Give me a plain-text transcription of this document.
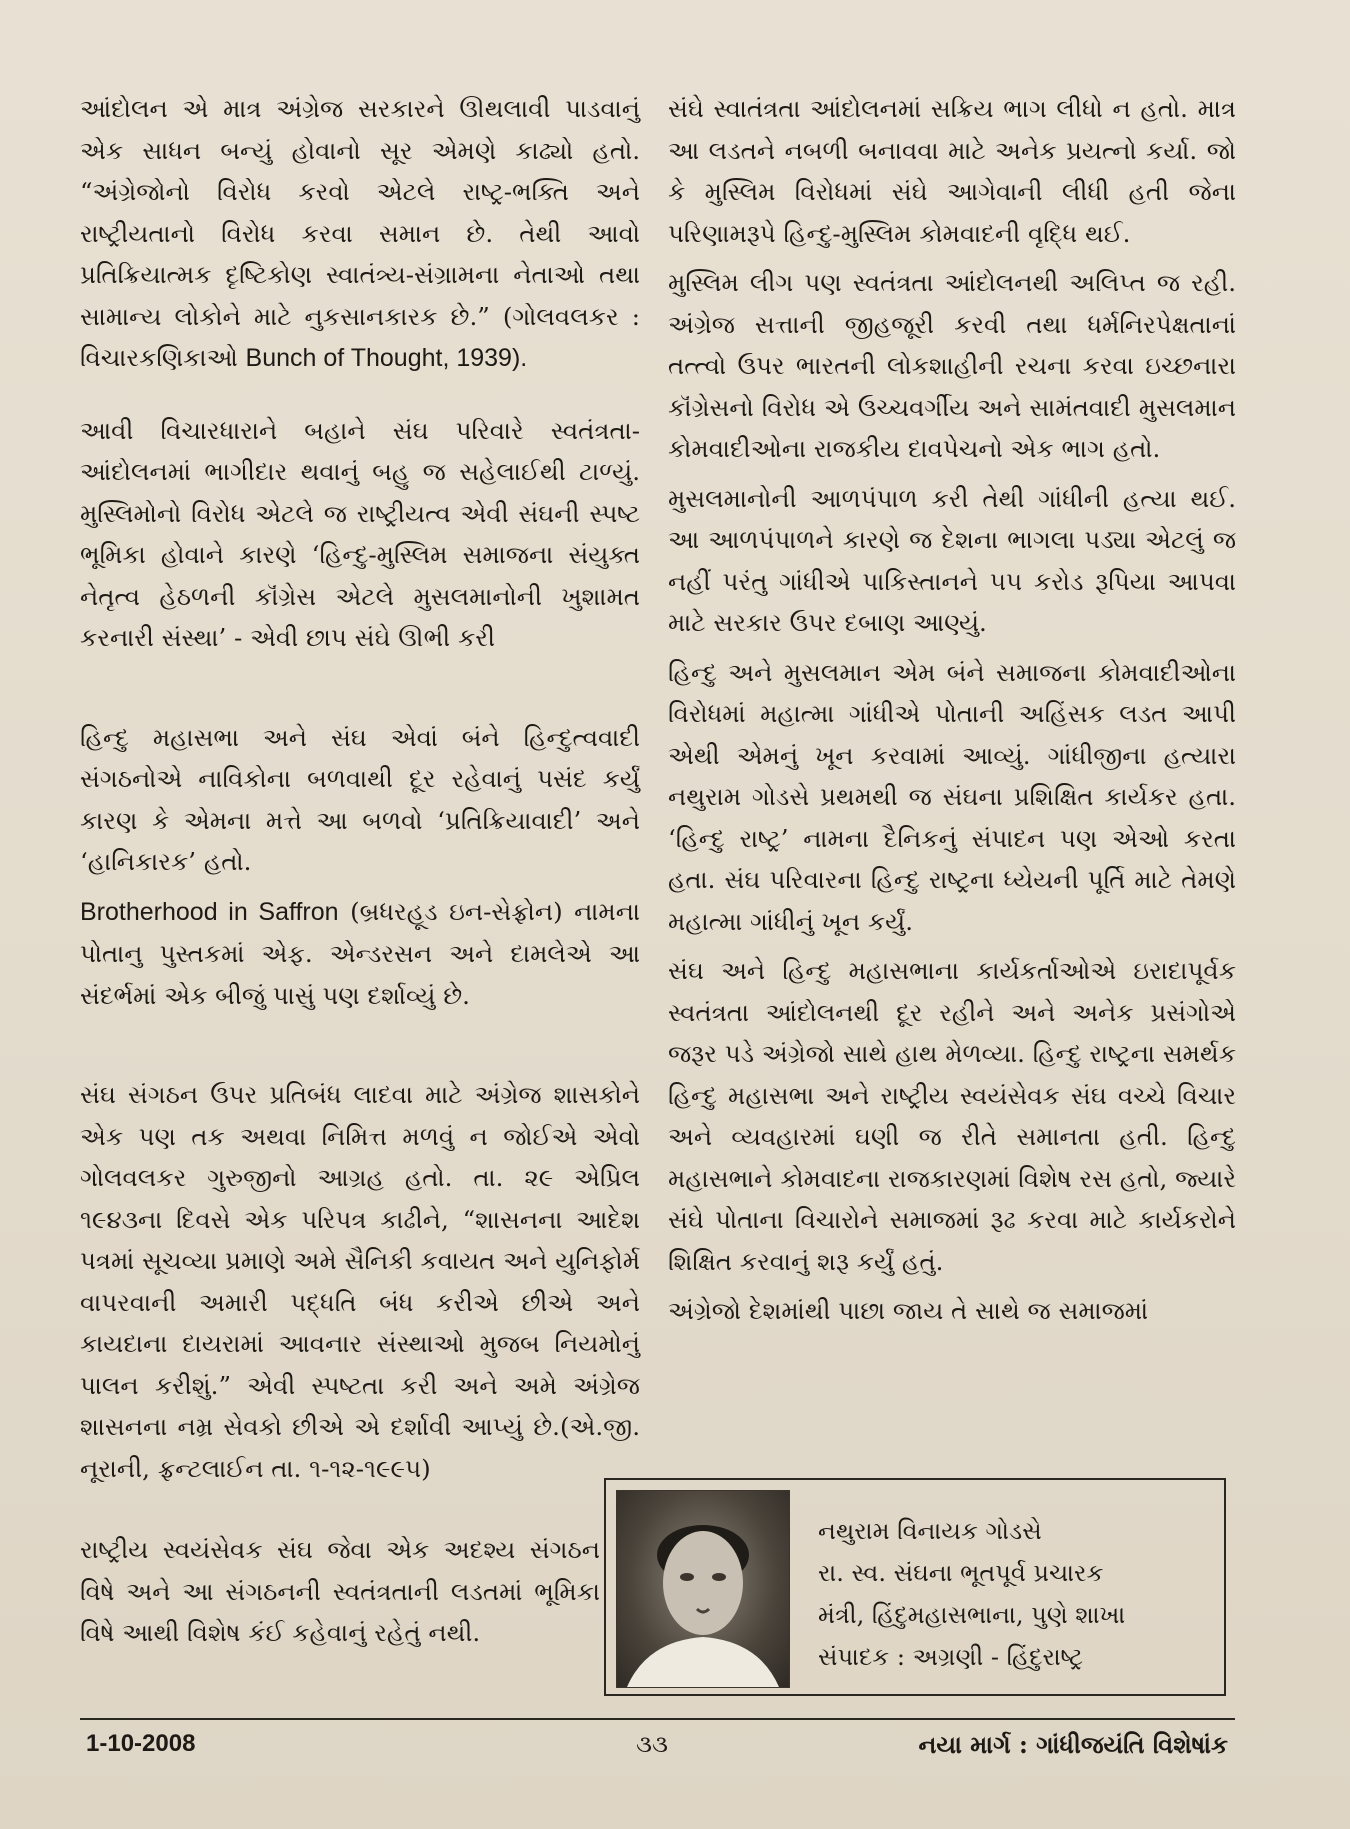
આંદોલન એ માત્ર અંગ્રેજ સરકારને ઊથલાવી પાડવાનું એક સાધન બન્યું હોવાનો સૂર એમણે કાઢ્યો હતો. “અંગ્રેજોનો વિરોધ કરવો એટલે રાષ્ટ્ર-ભક્તિ અને રાષ્ટ્રીયતાનો વિરોધ કરવા સમાન છે. તેથી આવો પ્રતિક્રિયાત્મક દૃષ્ટિકોણ સ્વાતંત્ર્ય-સંગ્રામના નેતાઓ તથા સામાન્ય લોકોને માટે નુકસાનકારક છે.” (ગોલવલકર : વિચારકણિકાઓ Bunch of Thought, 1939).

આવી વિચારધારાને બહાને સંઘ પરિવારે સ્વતંત્રતા-આંદોલનમાં ભાગીદાર થવાનું બહુ જ સહેલાઈથી ટાળ્યું. મુસ્લિમોનો વિરોધ એટલે જ રાષ્ટ્રીયત્વ એવી સંઘની સ્પષ્ટ ભૂમિકા હોવાને કારણે ‘હિન્દુ-મુસ્લિમ સમાજના સંયુક્ત નેતૃત્વ હેઠળની કૉંગ્રેસ એટલે મુસલમાનોની ખુશામત કરનારી સંસ્થા’ - એવી છાપ સંઘે ઊભી કરી

હિન્દુ મહાસભા અને સંઘ એવાં બંને હિન્દુત્વવાદી સંગઠનોએ નાવિકોના બળવાથી દૂર રહેવાનું પસંદ કર્યું કારણ કે એમના મત્તે આ બળવો ‘પ્રતિક્રિયાવાદી’ અને ‘હાનિકારક’ હતો.

Brotherhood in Saffron (બ્રધરહૂડ ઇન-સેફ્રોન) નામના પોતાનુ પુસ્તકમાં એફ. એન્ડરસન અને દામલેએ આ સંદર્ભમાં એક બીજું પાસું પણ દર્શાવ્યું છે.

સંઘ સંગઠન ઉપર પ્રતિબંધ લાદવા માટે અંગ્રેજ શાસકોને એક પણ તક અથવા નિમિત્ત મળવું ન જોઈએ એવો ગોલવલકર ગુરુજીનો આગ્રહ હતો. તા. ૨૯ એપ્રિલ ૧૯૪૩ના દિવસે એક પરિપત્ર કાઢીને, “શાસનના આદેશ પત્રમાં સૂચવ્યા પ્રમાણે અમે સૈનિકી કવાયત અને યુનિફોર્મ વાપરવાની અમારી પદ્ધતિ બંધ કરીએ છીએ અને કાયદાના દાયરામાં આવનાર સંસ્થાઓ મુજબ નિયમોનું પાલન કરીશું.” એવી સ્પષ્ટતા કરી અને અમે અંગ્રેજ શાસનના નમ્ર સેવકો છીએ એ દર્શાવી આપ્યું છે.(એ.જી. નૂરાની, ફ્રન્ટલાઈન તા. ૧-૧૨-૧૯૯૫)

રાષ્ટ્રીય સ્વયંસેવક સંઘ જેવા એક અદશ્ય સંગઠન વિષે અને આ સંગઠનની સ્વતંત્રતાની લડતમાં ભૂમિકા વિષે આથી વિશેષ કંઈ કહેવાનું રહેતું નથી.

સંઘે સ્વાતંત્રતા આંદોલનમાં સક્રિય ભાગ લીધો ન હતો. માત્ર આ લડતને નબળી બનાવવા માટે અનેક પ્રયત્નો કર્યા. જો કે મુસ્લિમ વિરોધમાં સંઘે આગેવાની લીધી હતી જેના પરિણામરૂપે હિન્દુ-મુસ્લિમ કોમવાદની વૃદ્ધિ થઈ.

મુસ્લિમ લીગ પણ સ્વતંત્રતા આંદોલનથી અલિપ્ત જ રહી. અંગ્રેજ સત્તાની જીહજૂરી કરવી તથા ધર્મનિરપેક્ષતાનાં તત્ત્વો ઉપર ભારતની લોકશાહીની રચના કરવા ઇચ્છનારા કૉંગ્રેસનો વિરોધ એ ઉચ્ચવર્ગીય અને સામંતવાદી મુસલમાન કોમવાદીઓના રાજકીય દાવપેચનો એક ભાગ હતો.

મુસલમાનોની આળપંપાળ કરી તેથી ગાંધીની હત્યા થઈ. આ આળપંપાળને કારણે જ દેશના ભાગલા પડ્યા એટલું જ નહીં પરંતુ ગાંધીએ પાકિસ્તાનને ૫૫ કરોડ રૂપિયા આપવા માટે સરકાર ઉપર દબાણ આણ્યું.

હિન્દુ અને મુસલમાન એમ બંને સમાજના કોમવાદીઓના વિરોધમાં મહાત્મા ગાંધીએ પોતાની અહિંસક લડત આપી એથી એમનું ખૂન કરવામાં આવ્યું. ગાંધીજીના હત્યારા નથુરામ ગોડસે પ્રથમથી જ સંઘના પ્રશિક્ષિત કાર્યકર હતા. ‘હિન્દુ રાષ્ટ્ર’ નામના દૈનિકનું સંપાદન પણ એઓ કરતા હતા. સંઘ પરિવારના હિન્દુ રાષ્ટ્રના ધ્યેયની પૂર્તિ માટે તેમણે મહાત્મા ગાંધીનું ખૂન કર્યું.

સંઘ અને હિન્દુ મહાસભાના કાર્યકર્તાઓએ ઇરાદાપૂર્વક સ્વતંત્રતા આંદોલનથી દૂર રહીને અને અનેક પ્રસંગોએ જરૂર પડે અંગ્રેજો સાથે હાથ મેળવ્યા. હિન્દુ રાષ્ટ્રના સમર્થક હિન્દુ મહાસભા અને રાષ્ટ્રીય સ્વયંસેવક સંઘ વચ્ચે વિચાર અને વ્યવહારમાં ઘણી જ રીતે સમાનતા હતી. હિન્દુ મહાસભાને કોમવાદના રાજકારણમાં વિશેષ રસ હતો, જ્યારે સંઘે પોતાના વિચારોને સમાજમાં રૂઢ કરવા માટે કાર્યકરોને શિક્ષિત કરવાનું શરૂ કર્યું હતું.

અંગ્રેજો દેશમાંથી પાછા જાય તે સાથે જ સમાજમાં

નથુરામ વિનાયક ગોડસે
રા. સ્વ. સંઘના ભૂતપૂર્વ પ્રચારક
મંત્રી, હિંદુમહાસભાના, પુણે શાખા
સંપાદક : અગ્રણી - હિંદુરાષ્ટ્ર
1-10-2008	૩૩	નયા માર્ગ : ગાંધીજયંતિ વિશેષાંક
